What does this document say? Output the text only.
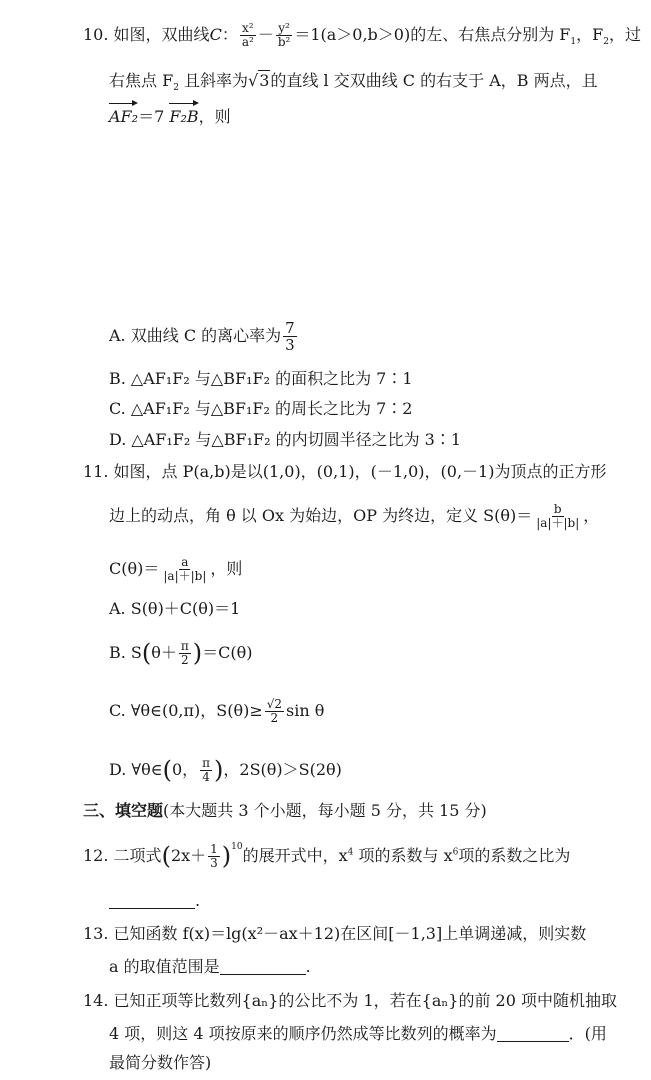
10. 如图，双曲线C： $\frac{\text{x²}}{\text{a²}} - \frac{\text{y²}}{\text{b²}} =1(a>0,b>0)$的左、右焦点分别为 $F_1$，$F_2$，过
右焦点 $F_2$ 且斜率为√3的直线 l 交双曲线 C 的右支于 A，B 两点，且
AF₂＝7 F₂B，则
A. 双曲线 C 的离心率为 $\frac{7}{3}$
B. △AF₁F₂ 与△BF₁F₂ 的面积之比为 7∶1
C. △AF₁F₂ 与△BF₁F₂ 的周长之比为 7∶2
D. △AF₁F₂ 与△BF₁F₂ 的内切圆半径之比为 3∶1
11. 如图，点 P(a,b)是以(1,0)，(0,1)，(－1,0)，(0,－1)为顶点的正方形
边上的动点，角 θ 以 Ox 为始边，OP 为终边，定义 $S(\theta)= \frac{b}{|a|+|b|}$ ，
$C(\theta)= \frac{a}{|a|+|b|}$ ，则
A. S(θ)＋C(θ)＝1
B. $S(\theta+ \frac{\pi}{2} )=C(\theta)$
C. ∀θ∈(0,π)，$S(\theta)\ge \frac{√2}{2}$ sin θ
D. ∀θ∈(0， $\frac{\pi}{4}$ )，2S(θ)＞S(2θ)
三、填空题(本大题共 3 个小题，每小题 5 分，共 15 分)
12. 二项式$(2x+ \frac{1}{3} )^{10}$的展开式中，$x^4$ 项的系数与 $x^6$项的系数之比为
.
13. 已知函数 f(x)＝lg(x²－ax＋12)在区间[－1,3]上单调递减，则实数
a 的取值范围是	.
14. 已知正项等比数列{aₙ}的公比不为 1，若在{aₙ}的前 20 项中随机抽取
4 项，则这 4 项按原来的顺序仍然成等比数列的概率为	．(用
最简分数作答)
